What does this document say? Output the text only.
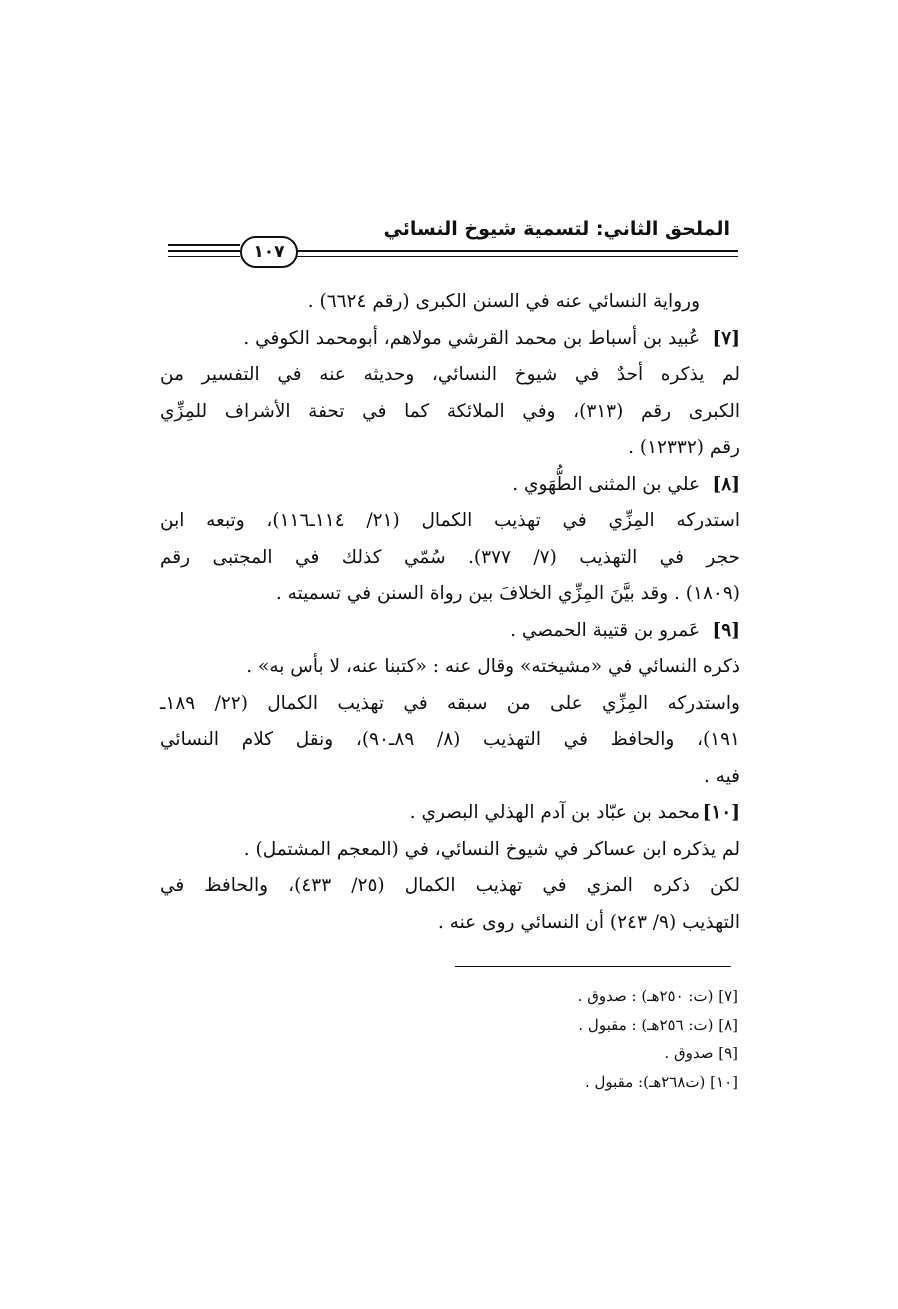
الملحق الثاني: لتسمية شيوخ النسائي
١٠٧
ورواية النسائي عنه في السنن الكبرى (رقم ٦٦٢٤) .
[٧]عُبيد بن أسباط بن محمد القرشي مولاهم، أبومحمد الكوفي .
لم يذكره أحدٌ في شيوخ النسائي، وحديثه عنه في التفسير من
الكبرى رقم (٣١٣)، وفي الملائكة كما في تحفة الأشراف للمِزِّي
رقم (١٢٣٣٢) .
[٨]علي بن المثنى الطُّهَوي .
استدركه المِزِّي في تهذيب الكمال (٢١/ ١١٤ـ١١٦)، وتبعه ابن
حجر في التهذيب (٧/ ٣٧٧). سُمّي كذلك في المجتبى رقم
(١٨٠٩) . وقد بيَّنَ المِزِّي الخلافَ بين رواة السنن في تسميته .
[٩]عَمرو بن قتيبة الحمصي .
ذكره النسائي في «مشيخته» وقال عنه : «كتبنا عنه، لا بأس به» .
واستدركه المِزِّي على من سبقه في تهذيب الكمال (٢٢/ ١٨٩ـ
١٩١)، والحافظ في التهذيب (٨/ ٨٩ـ٩٠)، ونقل كلام النسائي
فيه .
[١٠]محمد بن عبّاد بن آدم الهذلي البصري .
لم يذكره ابن عساكر في شيوخ النسائي، في (المعجم المشتمل) .
لكن ذكره المزي في تهذيب الكمال (٢٥/ ٤٣٣)، والحافظ في
التهذيب (٩/ ٢٤٣) أن النسائي روى عنه .
[٧] (ت: ٢٥٠هـ) : صدوق .
[٨] (ت: ٢٥٦هـ) : مقبول .
[٩] صدوق .
[١٠] (ت٢٦٨هـ): مقبول .
